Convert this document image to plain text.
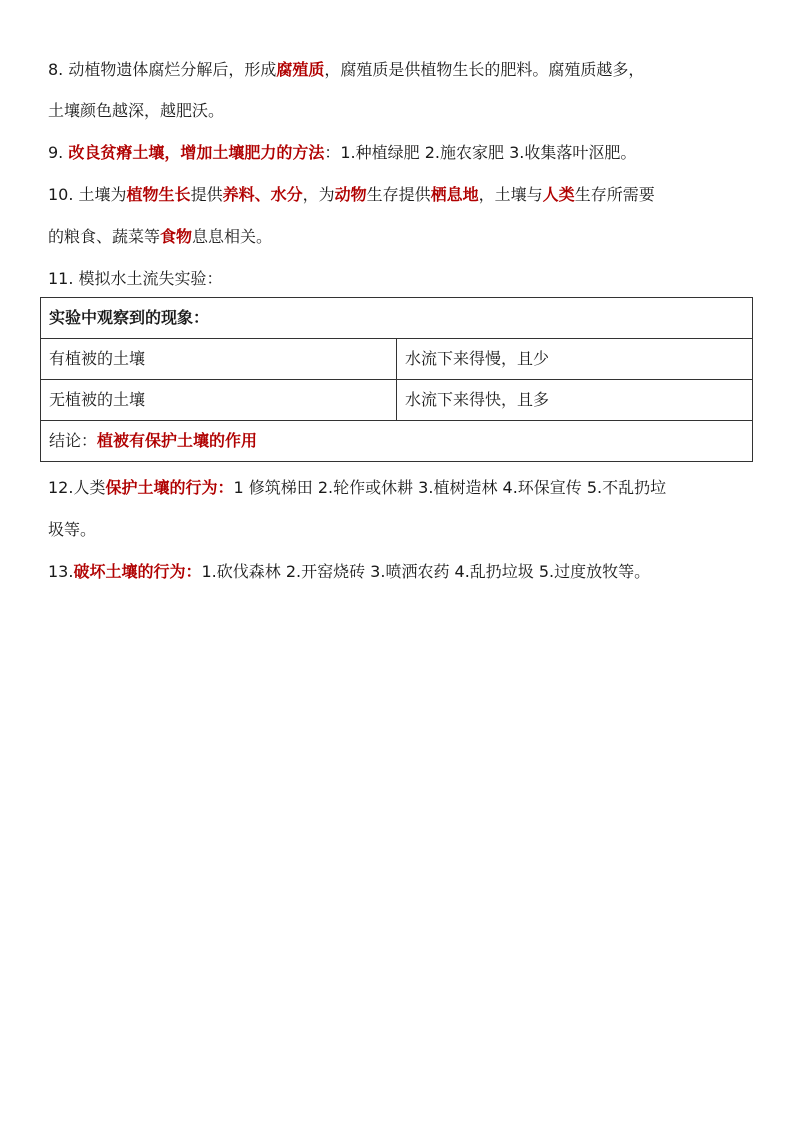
8. 动植物遗体腐烂分解后，形成腐殖质，腐殖质是供植物生长的肥料。腐殖质越多，
土壤颜色越深，越肥沃。
9. 改良贫瘠土壤，增加土壤肥力的方法：1.种植绿肥 2.施农家肥 3.收集落叶沤肥。
10. 土壤为植物生长提供养料、水分，为动物生存提供栖息地，土壤与人类生存所需要
的粮食、蔬菜等食物息息相关。
11. 模拟水土流失实验：
实验中观察到的现象：	
有植被的土壤	水流下来得慢，且少
无植被的土壤	水流下来得快，且多
结论：植被有保护土壤的作用	
12.人类保护土壤的行为：1 修筑梯田 2.轮作或休耕 3.植树造林 4.环保宣传 5.不乱扔垃
圾等。
13.破坏土壤的行为：1.砍伐森林 2.开窑烧砖 3.喷洒农药 4.乱扔垃圾 5.过度放牧等。
